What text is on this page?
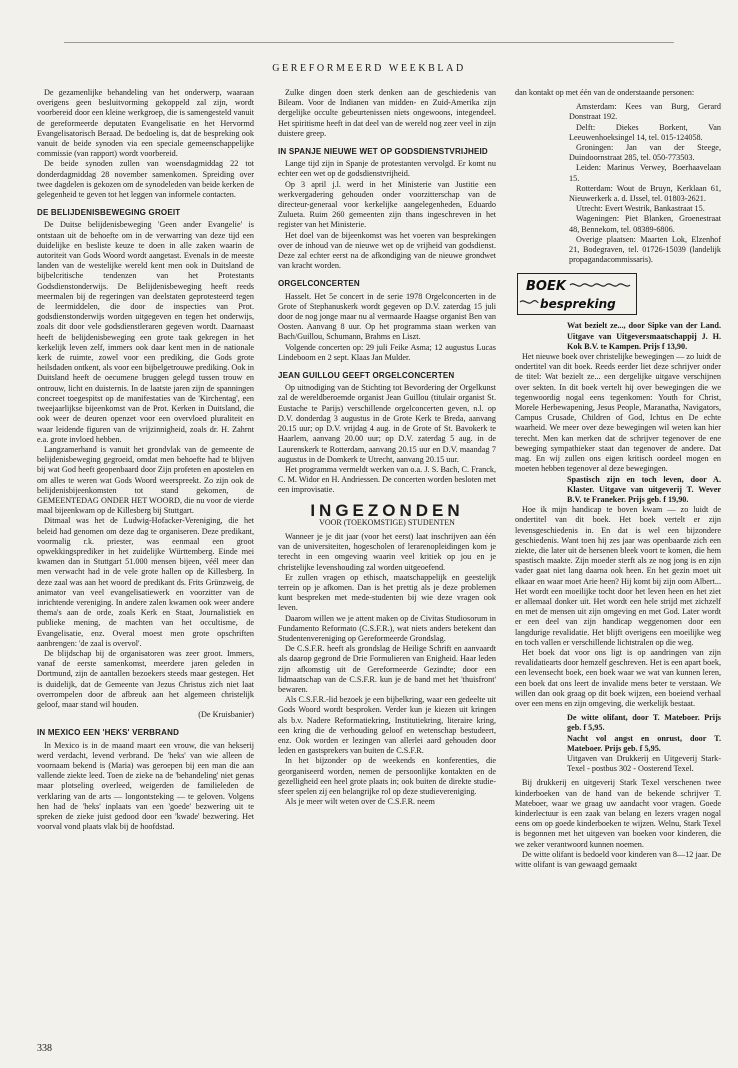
GEREFORMEERD WEEKBLAD

De gezamenlijke behandeling van het onderwerp, waaraan overigens geen besluitvorming gekoppeld zal zijn, wordt voorbereid door een kleine werkgroep, die is samengesteld vanuit de gereformeerde deputaten Evangelisatie en het Hervormd Evangelisatorisch Beraad. De bedoeling is, dat de bespreking ook vanuit de beide synoden via een speciale gemeenschappelijke commissie (van rapport) wordt voorbereid.

De beide synoden zullen van woensdagmiddag 22 tot donderdagmiddag 28 november samenkomen. Spreiding over twee dagdelen is gekozen om de synodeleden van beide kerken de gelegenheid te geven tot het leggen van informele contacten.

DE BELIJDENISBEWEGING GROEIT

De Duitse belijdenisbeweging 'Geen ander Evangelie' is ontstaan uit de behoefte om in de verwarring van deze tijd een duidelijke en besliste keuze te doen in alle zaken waarin de autoriteit van Gods Woord wordt aangetast. Evenals in de meeste landen van de westelijke wereld kent men ook in Duitsland de bijbelcritische tendenzen van het Protestants Godsdienstonderwijs. De Belijdenisbeweging heeft reeds meermalen bij de regeringen van deelstaten geprotesteerd tegen de leermiddelen, die door de inspecties van Prot. godsdienstonderwijs worden uitgegeven en tegen het onderwijs, zoals dit door vele godsdienstleraren gegeven wordt. Daarnaast heeft de belijdenisbeweging een grote taak gekregen in het kerkelijk leven zelf, immers ook daar kent men in de nationale kerk de ruimte, zowel voor een prediking, die Gods grote heilsdaden ontkent, als voor een bijbelgetrouwe prediking. Ook in Duitsland heeft de oecumene bruggen gelegd tussen trouw en ontrouw, licht en duisternis. In de laatste jaren zijn de spanningen concreet toegespitst op de manifestaties van de 'Kirchentag', een tweejaarlijkse bijeenkomst van de Prot. Kerken in Duitsland, die ook weer de deuren openzet voor een overvloed pluraliteit en waar leidende figuren van de vrijzinnigheid, zoals dr. H. Zahrnt e.a. grote invloed hebben.

Langzamerhand is vanuit het grondvlak van de gemeente de belijdenisbeweging gegroeid, omdat men behoefte had te blijven bij wat God heeft geopenbaard door Zijn profeten en apostelen en om alles te weren wat Gods Woord weerspreekt. Zo zijn ook de belijdenisbijeenkomsten tot stand gekomen, de GEMEENTEDAG ONDER HET WOORD, die nu voor de vierde maal bijeenkwam op de Killesberg bij Stuttgart.

Ditmaal was het de Ludwig-Hofacker-Vereniging, die het beleid had genomen om deze dag te organiseren. Deze predikant, voormalig r.k. priester, was eenmaal een groot opwekkingsprediker in het zuidelijke Württemberg. Einde mei kwamen dan in Stuttgart 51.000 mensen bijeen, véél meer dan men verwacht had in de vele grote hallen op de Killesberg. In deze zaal was aan het woord de predikant ds. Frits Grünzweig, de animator van veel evangelisatiewerk en voorzitter van de inrichtende vereniging. In andere zalen kwamen ook weer andere thema's aan de orde, zoals Kerk en Staat, Journalistiek en publieke mening, de machten van het occultisme, de Evangelisatie, enz. Overal moest men grote opschriften aanbrengen: 'de zaal is overvol'.

De blijdschap bij de organisatoren was zeer groot. Immers, vanaf de eerste samenkomst, meerdere jaren geleden in Dortmund, zijn de aantallen bezoekers steeds maar gestegen. Het is duidelijk, dat de Gemeente van Jezus Christus zich niet laat overrompelen door de afbreuk aan het algemeen christelijk geloof, maar stand wil houden.

(De Kruisbanier)

IN MEXICO EEN 'HEKS' VERBRAND

In Mexico is in de maand maart een vrouw, die van hekserij werd verdacht, levend verbrand. De 'heks' van wie alleen de voornaam bekend is (Maria) was geroepen bij een man die aan vallende ziekte leed. Toen de zieke na de 'behandeling' niet genas maar plotseling overleed, weigerden de familieleden de verklaring van de arts — longontsteking — te geloven. Volgens hen had de 'heks' inplaats van een 'goede' bezwering uit te spreken de zieke juist gedood door een 'kwade' bezwering. Het voorval vond plaats vlak bij de hoofdstad.

Zulke dingen doen sterk denken aan de geschiedenis van Bileam. Voor de Indianen van midden- en Zuid-Amerika zijn dergelijke occulte gebeurtenissen niets ongewoons, integendeel. Het spiritisme heeft in dat deel van de wereld nog zeer veel in zijn duistere greep.

IN SPANJE NIEUWE WET OP GODSDIENSTVRIJHEID

Lange tijd zijn in Spanje de protestanten vervolgd. Er komt nu echter een wet op de godsdienstvrijheid.

Op 3 april j.l. werd in het Ministerie van Justitie een werkvergadering gehouden onder voorzitterschap van de directeur-generaal voor kerkelijke aangelegenheden, Eduardo Zulueta. Ruim 260 gemeenten zijn thans ingeschreven in het register van het Ministerie.

Het doel van de bijeenkomst was het voeren van besprekingen over de inhoud van de nieuwe wet op de vrijheid van godsdienst. Deze zal echter eerst na de afkondiging van de nieuwe grondwet van kracht worden.

ORGELCONCERTEN

Hasselt. Het 5e concert in de serie 1978 Orgelconcerten in de Grote of Stephanuskerk wordt gegeven op D.V. zaterdag 15 juli door de nog jonge maar nu al vermaarde Haagse organist Ben van Oosten. Aanvang 8 uur. Op het programma staan werken van Bach/Guillou, Schumann, Brahms en Liszt.

Volgende concerten op: 29 juli Feike Asma; 12 augustus Lucas Lindeboom en 2 sept. Klaas Jan Mulder.

JEAN GUILLOU GEEFT ORGELCONCERTEN

Op uitnodiging van de Stichting tot Bevordering der Orgelkunst zal de wereldberoemde organist Jean Guillou (titulair organist St. Eustache te Parijs) verschillende orgelconcerten geven, n.l. op D.V. donderdag 3 augustus in de Grote Kerk te Breda, aanvang 20.15 uur; op D.V. vrijdag 4 aug. in de Grote of St. Bavokerk te Haarlem, aanvang 20.00 uur; op D.V. zaterdag 5 aug. in de Laurenskerk te Rotterdam, aanvang 20.15 uur en D.V. maandag 7 augustus in de Domkerk te Utrecht, aanvang 20.15 uur.

Het programma vermeldt werken van o.a. J. S. Bach, C. Franck, C. M. Widor en H. Andriessen. De concerten worden besloten met een improvisatie.

INGEZONDEN
VOOR (TOEKOMSTIGE) STUDENTEN

Wanneer je je dit jaar (voor het eerst) laat inschrijven aan één van de universiteiten, hogescholen of lerarenopleidingen kom je terecht in een omgeving waarin veel kritiek op jou en je christelijke levenshouding zal worden uitgeoefend.

Er zullen vragen op ethisch, maatschappelijk en geestelijk terrein op je afkomen. Dan is het prettig als je deze problemen kunt bespreken met mede-studenten bij wie deze vragen ook leven.

Daarom willen we je attent maken op de Civitas Studiosorum in Fundamento Reformato (C.S.F.R.), wat niets anders betekent dan Studentenvereniging op Gereformeerde Grondslag.

De C.S.F.R. heeft als grondslag de Heilige Schrift en aanvaardt als daarop gegrond de Drie Formulieren van Enigheid. Haar leden zijn afkomstig uit de Gereformeerde Gezindte; door een lidmaatschap van de C.S.F.R. kun je de band met het 'thuisfront' bewaren.

Als C.S.F.R.-lid bezoek je een bijbelkring, waar een gedeelte uit Gods Woord wordt besproken. Verder kun je kiezen uit kringen als b.v. Nadere Reformatiekring, Institutiekring, literaire kring, een kring die de verhouding geloof en wetenschap bestudeert, enz. Ook worden er lezingen van allerlei aard gehouden door leden en gastsprekers van buiten de C.S.F.R.

In het bijzonder op de weekends en konferenties, die georganiseerd worden, nemen de persoonlijke kontakten en de gezelligheid een heel grote plaats in; ook buiten de direkte studie-sfeer spelen zij een belangrijke rol op deze studievereniging.

Als je meer wilt weten over de C.S.F.R. neem

dan kontakt op met één van de onderstaande personen:

Amsterdam: Kees van Burg, Gerard Donstraat 192.

Delft: Diekes Borkent, Van Leeuwenhoeksingel 14, tel. 015-124058.

Groningen: Jan van der Steege, Duindoornstraat 285, tel. 050-773503.

Leiden: Marinus Verwey, Boerhaavelaan 15.

Rotterdam: Wout de Bruyn, Kerklaan 61, Nieuwerkerk a. d. IJssel, tel. 01803-2621.

Utrecht: Evert Westrik, Bankastraat 15.

Wageningen: Piet Blanken, Groenestraat 48, Bennekom, tel. 08389-6806.

Overige plaatsen: Maarten Lok, Elzenhof 21, Bodegraven, tel. 01726-15039 (landelijk propagandacommissaris).

BOEK
bespreking

Wat bezielt ze..., door Sipke van der Land. Uitgave van Uitgeversmaatschappij J. H. Kok B.V. te Kampen. Prijs f 13,90.

Het nieuwe boek over christelijke bewegingen — zo luidt de ondertitel van dit boek. Reeds eerder liet deze schrijver onder de titel: Wat bezielt ze... een dergelijke uitgave verschijnen over sekten. In dit boek vertelt hij over bewegingen die we tegenwoordig nogal eens tegenkomen: Youth for Christ, Morele Herbewapening, Jesus People, Maranatha, Navigators, Campus Crusade, Children of God, Ichtus en De echte waarheid. We meer over deze bewegingen wil weten kan hier terecht. Men kan merken dat de schrijver tegenover de ene beweging sympathieker staat dan tegenover de andere. Dat mag. En wij zullen ons eigen kritisch oordeel mogen en moeten hebben tegenover al deze bewegingen.

Spastisch zijn en toch leven, door A. Klaster. Uitgave van uitgeverij T. Wever B.V. te Franeker. Prijs geb. f 19,90.

Hoe ik mijn handicap te boven kwam — zo luidt de ondertitel van dit boek. Het boek vertelt er zijn levensgeschiedenis in. En dat is wel een bijzondere geschiedenis. Want toen hij zes jaar was openbaarde zich een ziekte, die later uit de hersenen bleek voort te komen, die hem spastisch maakte. Zijn moeder sterft als ze nog jong is en zijn vader gaat niet lang daarna ook heen. En het gezin moet uit elkaar en waar moet Arie heen? Hij komt bij zijn oom Albert... Het wordt een moeilijke tocht door het leven heen en het ziet er allemaal donker uit. Het wordt een hele strijd met zichzelf en met de mensen uit zijn omgeving en met God. Later wordt er een deel van zijn handicap weggenomen door een langdurige revalidatie. Het blijft overigens een moeilijke weg en toch vallen er verschillende lichtstralen op die weg.

Het boek dat voor ons ligt is op aandringen van zijn revalidatiearts door hemzelf geschreven. Het is een apart boek, een levensecht boek, een boek waar we wat van kunnen leren, een boek dat ons leert de invalide mens beter te verstaan. We willen dan ook graag op dit boek wijzen, een boeiend verhaal over een mens en zijn omgeving, die werkelijk bestaat.

De witte olifant, door T. Mateboer. Prijs geb. f 5,95.

Nacht vol angst en onrust, door T. Mateboer. Prijs geb. f 5,95.

Uitgaven van Drukkerij en Uitgeverij Stark-Texel - postbus 302 - Oosterend Texel.

Bij drukkerij en uitgeverij Stark Texel verschenen twee kinderboeken van de hand van de bekende schrijver T. Mateboer, waar we graag uw aandacht voor vragen. Goede kinderlectuur is een zaak van belang en lezers vragen nogal eens om op goede kinderboeken te wijzen. Welnu, Stark Texel is begonnen met het uitgeven van boeken voor kinderen, die we zeker verantwoord kunnen noemen.

De witte olifant is bedoeld voor kinderen van 8—12 jaar. De witte olifant is van gewaagd gemaakt

338
